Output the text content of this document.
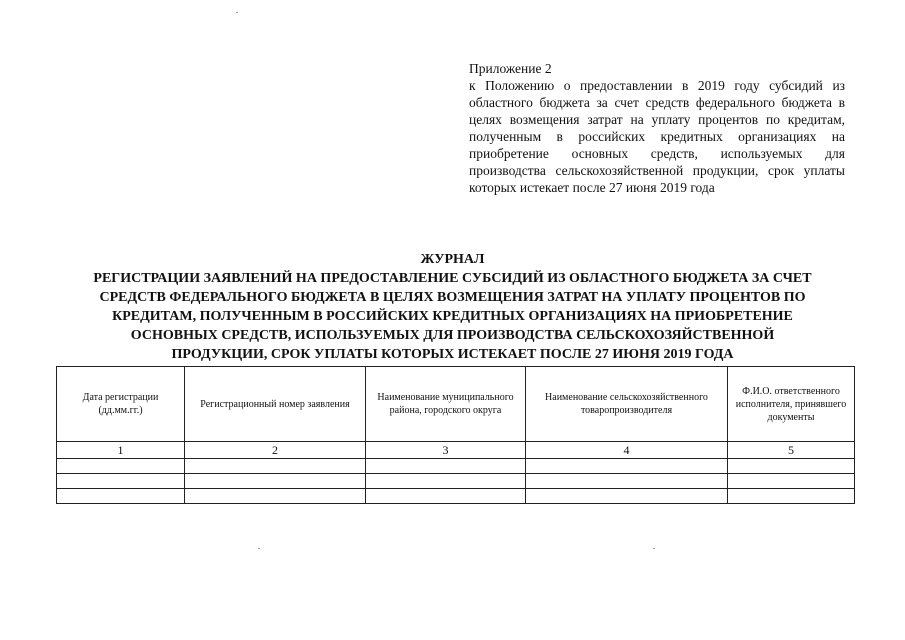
Приложение 2
к Положению о предоставлении в 2019 году субсидий из областного бюджета за счет средств федерального бюджета в целях возмещения затрат на уплату процентов по кредитам, полученным в российских кредитных организациях на приобретение основных средств, используемых для производства сельскохозяйственной продукции, срок уплаты которых истекает после 27 июня 2019 года
ЖУРНАЛ
РЕГИСТРАЦИИ ЗАЯВЛЕНИЙ НА ПРЕДОСТАВЛЕНИЕ СУБСИДИЙ ИЗ ОБЛАСТНОГО БЮДЖЕТА ЗА СЧЕТ
СРЕДСТВ ФЕДЕРАЛЬНОГО БЮДЖЕТА В ЦЕЛЯХ ВОЗМЕЩЕНИЯ ЗАТРАТ НА УПЛАТУ ПРОЦЕНТОВ ПО
КРЕДИТАМ, ПОЛУЧЕННЫМ В РОССИЙСКИХ КРЕДИТНЫХ ОРГАНИЗАЦИЯХ НА ПРИОБРЕТЕНИЕ
ОСНОВНЫХ СРЕДСТВ, ИСПОЛЬЗУЕМЫХ ДЛЯ ПРОИЗВОДСТВА СЕЛЬСКОХОЗЯЙСТВЕННОЙ
ПРОДУКЦИИ, СРОК УПЛАТЫ КОТОРЫХ ИСТЕКАЕТ ПОСЛЕ 27 ИЮНЯ 2019 ГОДА
Дата регистрации (дд.мм.гг.)	Регистрационный номер заявления	Наименование муниципального района, городского округа	Наименование сельскохозяйственного товаропроизводителя	Ф.И.О. ответственного исполнителя, принявшего документы
1	2	3	4	5
